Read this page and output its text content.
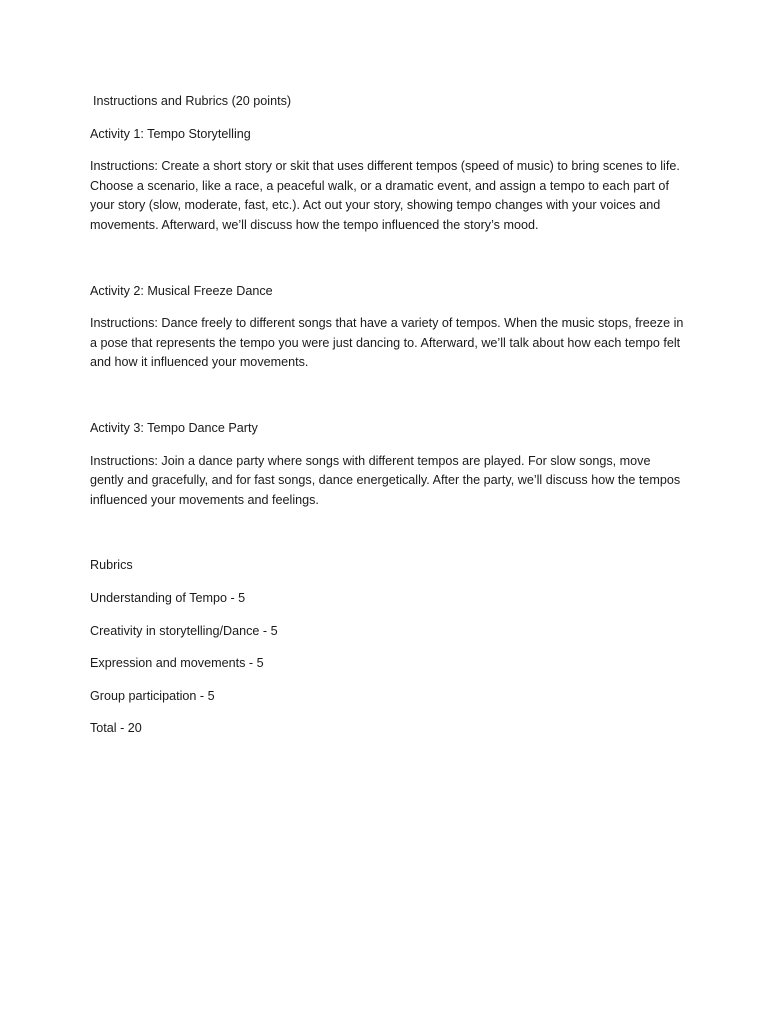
Instructions and Rubrics (20 points)

Activity 1: Tempo Storytelling

Instructions: Create a short story or skit that uses different tempos (speed of music) to bring scenes to life. Choose a scenario, like a race, a peaceful walk, or a dramatic event, and assign a tempo to each part of your story (slow, moderate, fast, etc.). Act out your story, showing tempo changes with your voices and movements. Afterward, we’ll discuss how the tempo influenced the story’s mood.

Activity 2: Musical Freeze Dance

Instructions: Dance freely to different songs that have a variety of tempos. When the music stops, freeze in a pose that represents the tempo you were just dancing to. Afterward, we’ll talk about how each tempo felt and how it influenced your movements.

Activity 3: Tempo Dance Party

Instructions: Join a dance party where songs with different tempos are played. For slow songs, move gently and gracefully, and for fast songs, dance energetically. After the party, we’ll discuss how the tempos influenced your movements and feelings.

Rubrics

Understanding of Tempo - 5

Creativity in storytelling/Dance - 5

Expression and movements - 5

Group participation - 5

Total - 20
